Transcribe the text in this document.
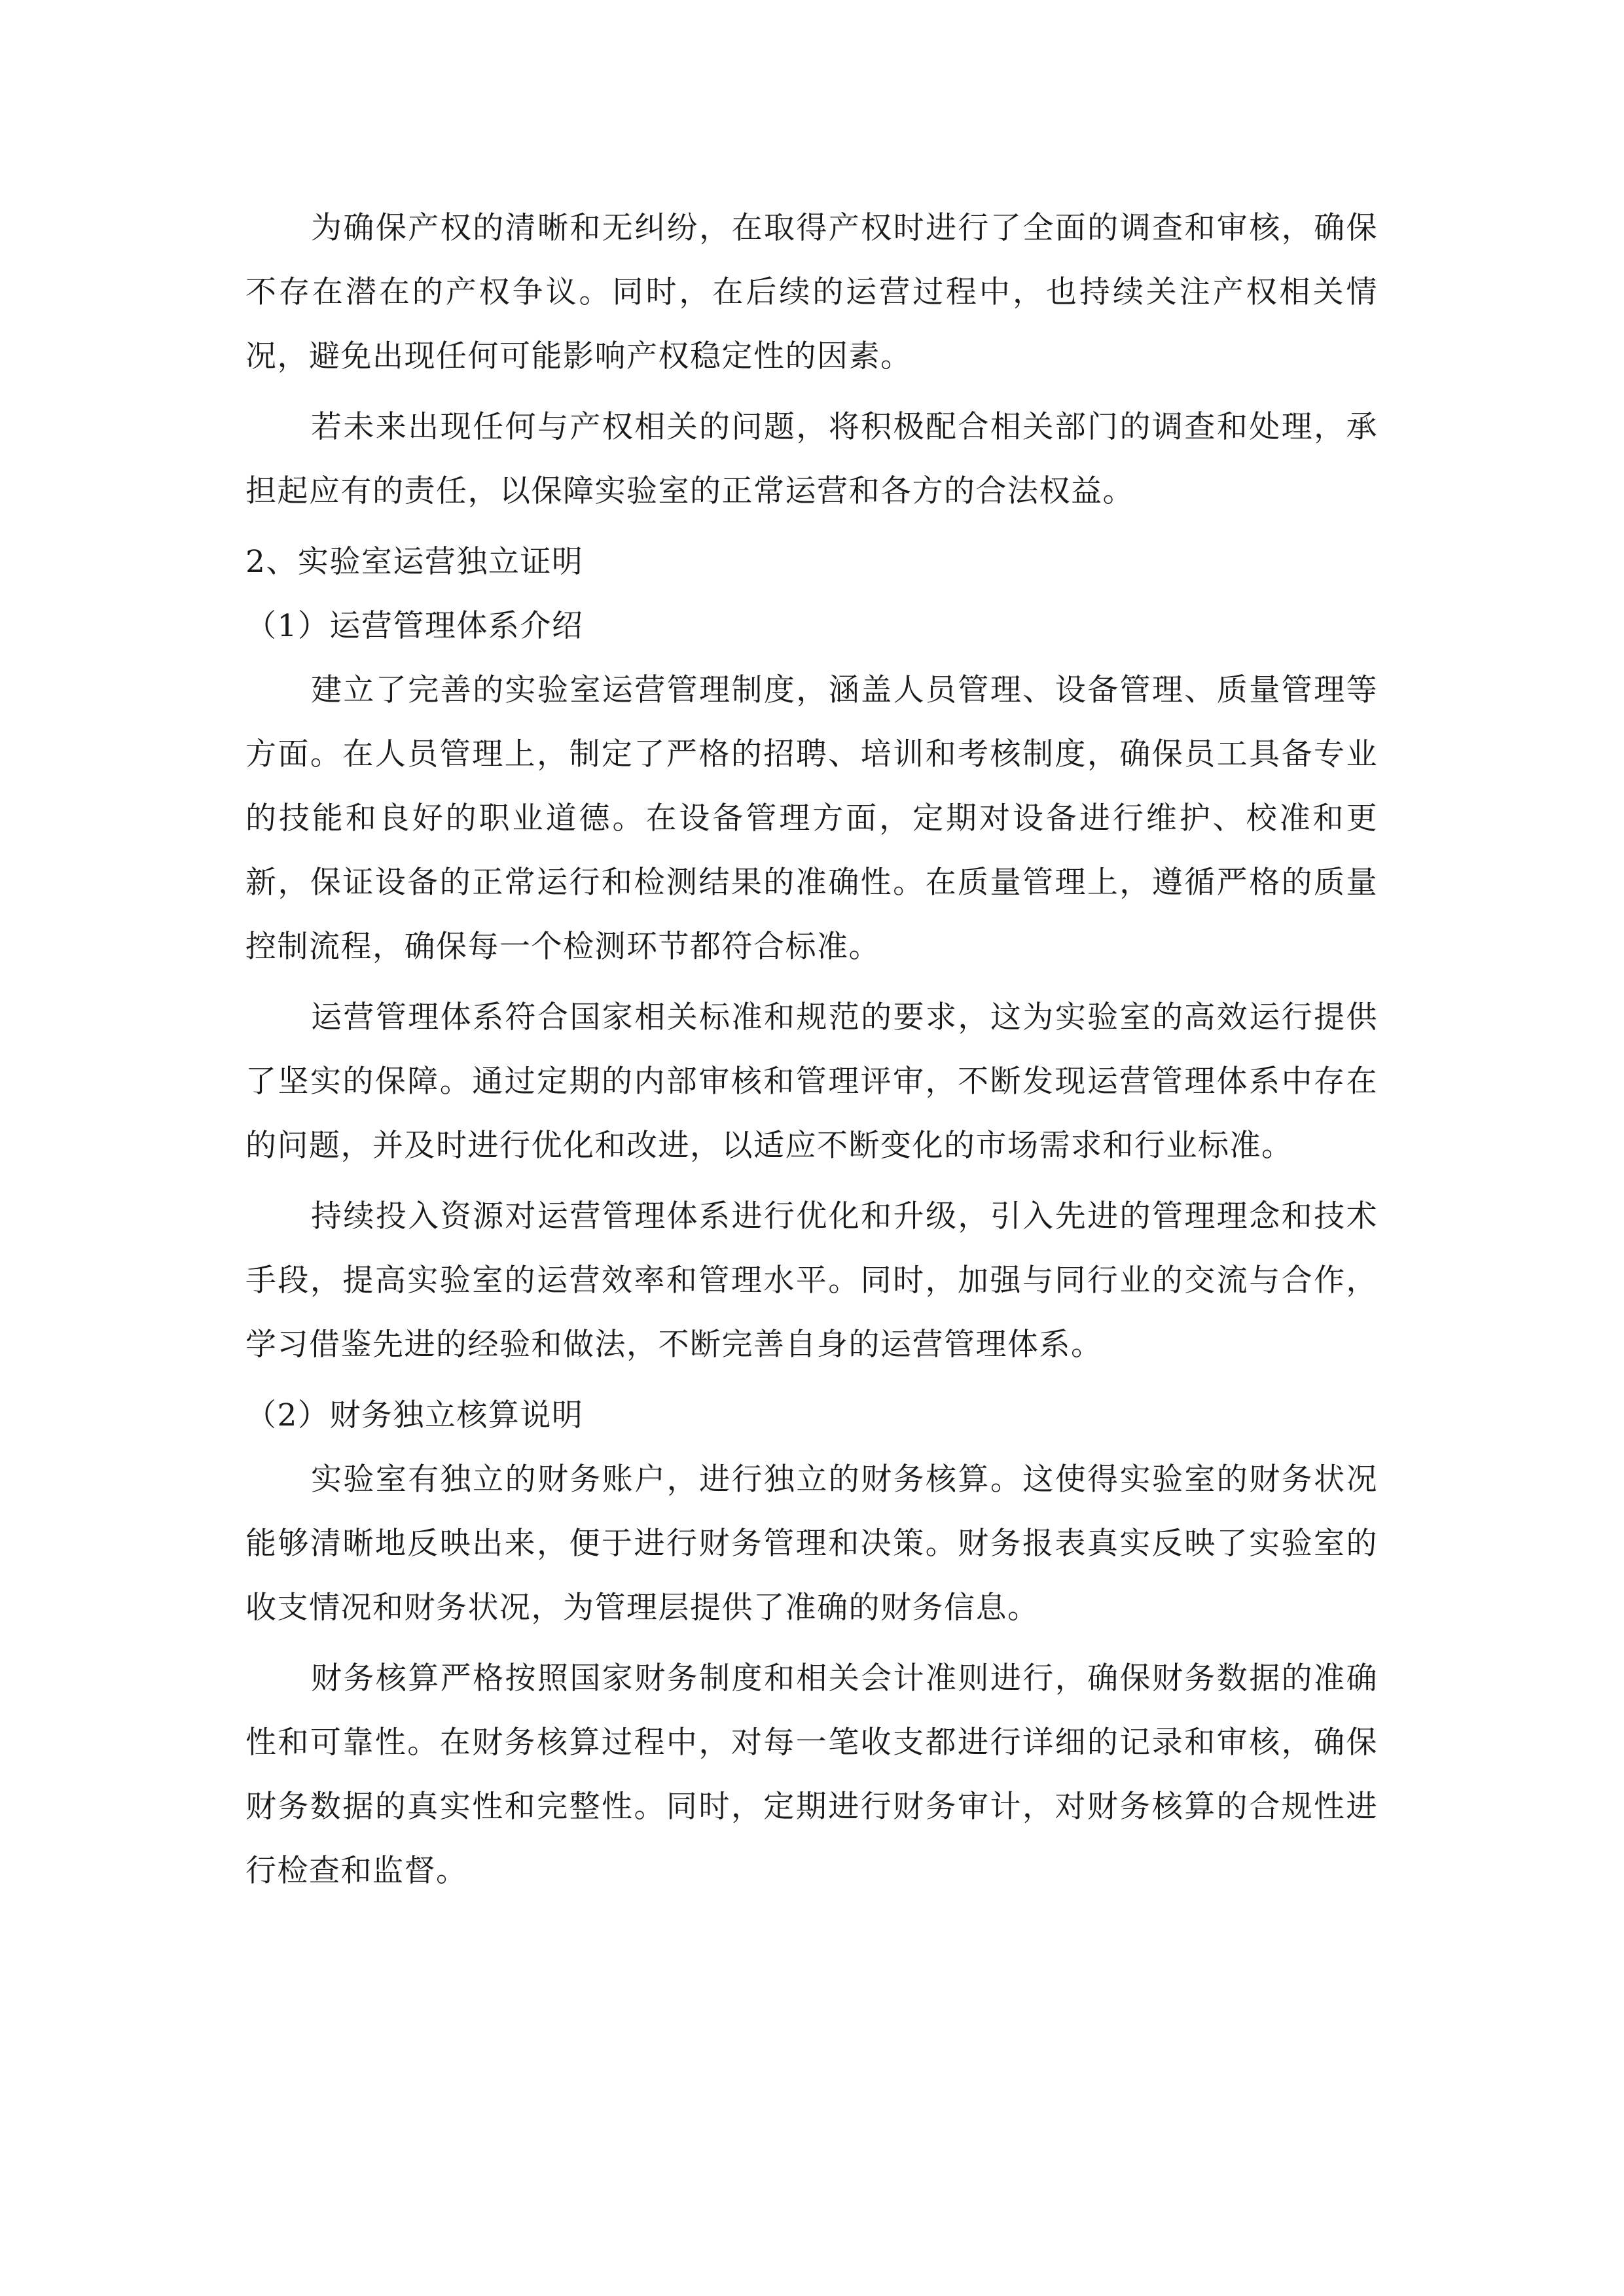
为确保产权的清晰和无纠纷，在取得产权时进行了全面的调查和审核，确保不存在潜在的产权争议。同时，在后续的运营过程中，也持续关注产权相关情况，避免出现任何可能影响产权稳定性的因素。

若未来出现任何与产权相关的问题，将积极配合相关部门的调查和处理，承担起应有的责任，以保障实验室的正常运营和各方的合法权益。

2、实验室运营独立证明

（1）运营管理体系介绍

建立了完善的实验室运营管理制度，涵盖人员管理、设备管理、质量管理等方面。在人员管理上，制定了严格的招聘、培训和考核制度，确保员工具备专业的技能和良好的职业道德。在设备管理方面，定期对设备进行维护、校准和更新，保证设备的正常运行和检测结果的准确性。在质量管理上，遵循严格的质量控制流程，确保每一个检测环节都符合标准。

运营管理体系符合国家相关标准和规范的要求，这为实验室的高效运行提供了坚实的保障。通过定期的内部审核和管理评审，不断发现运营管理体系中存在的问题，并及时进行优化和改进，以适应不断变化的市场需求和行业标准。

持续投入资源对运营管理体系进行优化和升级，引入先进的管理理念和技术手段，提高实验室的运营效率和管理水平。同时，加强与同行业的交流与合作，学习借鉴先进的经验和做法，不断完善自身的运营管理体系。

（2）财务独立核算说明

实验室有独立的财务账户，进行独立的财务核算。这使得实验室的财务状况能够清晰地反映出来，便于进行财务管理和决策。财务报表真实反映了实验室的收支情况和财务状况，为管理层提供了准确的财务信息。

财务核算严格按照国家财务制度和相关会计准则进行，确保财务数据的准确性和可靠性。在财务核算过程中，对每一笔收支都进行详细的记录和审核，确保财务数据的真实性和完整性。同时，定期进行财务审计，对财务核算的合规性进行检查和监督。
